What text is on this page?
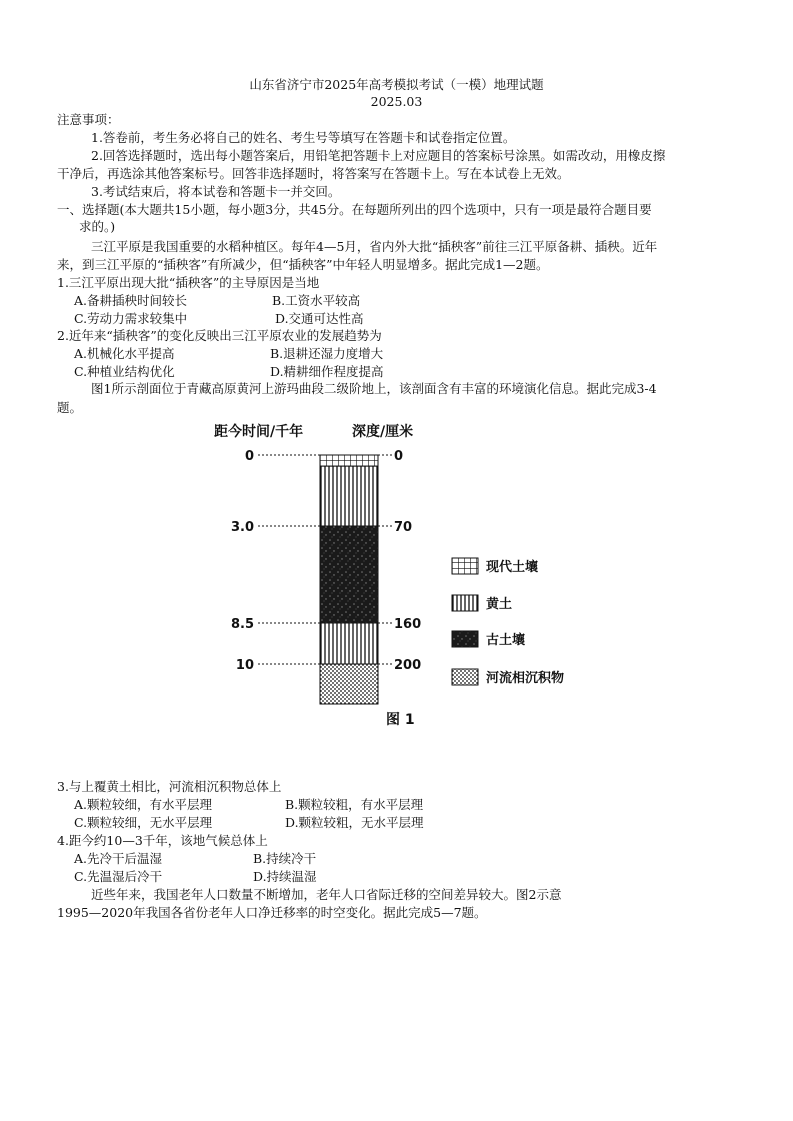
山东省济宁市2025年高考模拟考试（一模）地理试题
2025.03
注意事项：
1.答卷前，考生务必将自己的姓名、考生号等填写在答题卡和试卷指定位置。
2.回答选择题时，选出每小题答案后，用铅笔把答题卡上对应题目的答案标号涂黑。如需改动，用橡皮擦
干净后，再选涂其他答案标号。回答非选择题时，将答案写在答题卡上。写在本试卷上无效。
3.考试结束后，将本试卷和答题卡一并交回。
一、选择题(本大题共15小题，每小题3分，共45分。在每题所列出的四个选项中，只有一项是最符合题目要
求的。)
三江平原是我国重要的水稻种植区。每年4—5月，省内外大批“插秧客”前往三江平原备耕、插秧。近年
来，到三江平原的“插秧客”有所减少，但“插秧客”中年轻人明显增多。据此完成1—2题。
1.三江平原出现大批“插秧客”的主导原因是当地
A.备耕插秧时间较长	B.工资水平较高
C.劳动力需求较集中	D.交通可达性高
2.近年来“插秧客”的变化反映出三江平原农业的发展趋势为
A.机械化水平提高	B.退耕还湿力度增大
C.种植业结构优化	D.精耕细作程度提高
图1所示剖面位于青藏高原黄河上游玛曲段二级阶地上，该剖面含有丰富的环境演化信息。据此完成3-4
题。
距今时间/千年	深度/厘米
0	0
3.0	70
8.5	160
10	200
现代土壤
黄土
古土壤
河流相沉积物
图 1
3.与上覆黄土相比，河流相沉积物总体上
A.颗粒较细，有水平层理	B.颗粒较粗，有水平层理
C.颗粒较细，无水平层理	D.颗粒较粗，无水平层理
4.距今约10—3千年，该地气候总体上
A.先冷干后温湿	B.持续冷干
C.先温湿后冷干	D.持续温湿
近些年来，我国老年人口数量不断增加，老年人口省际迁移的空间差异较大。图2示意
1995—2020年我国各省份老年人口净迁移率的时空变化。据此完成5—7题。
